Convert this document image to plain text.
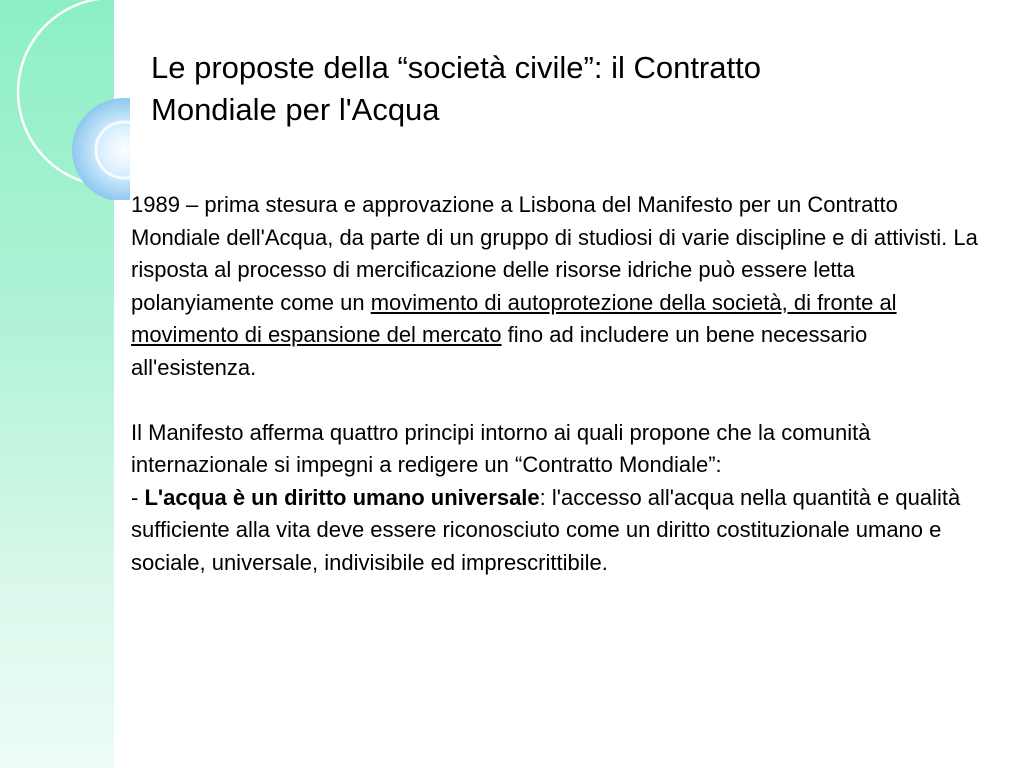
Le proposte della “società civile”: il Contratto
Mondiale per l'Acqua

1989 – prima stesura e approvazione a Lisbona del Manifesto per un Contratto Mondiale dell'Acqua, da parte di un gruppo di studiosi di varie discipline e di attivisti. La risposta al processo di mercificazione delle risorse idriche può essere letta polanyiamente come un movimento di autoprotezione della società, di fronte al movimento di espansione del mercato fino ad includere un bene necessario all'esistenza.

Il Manifesto afferma quattro principi intorno ai quali propone che la comunità internazionale si impegni a redigere un “Contratto Mondiale”:

- L'acqua è un diritto umano universale: l'accesso all'acqua nella quantità e qualità sufficiente alla vita deve essere riconosciuto come un diritto costituzionale umano e sociale, universale, indivisibile ed imprescrittibile.
